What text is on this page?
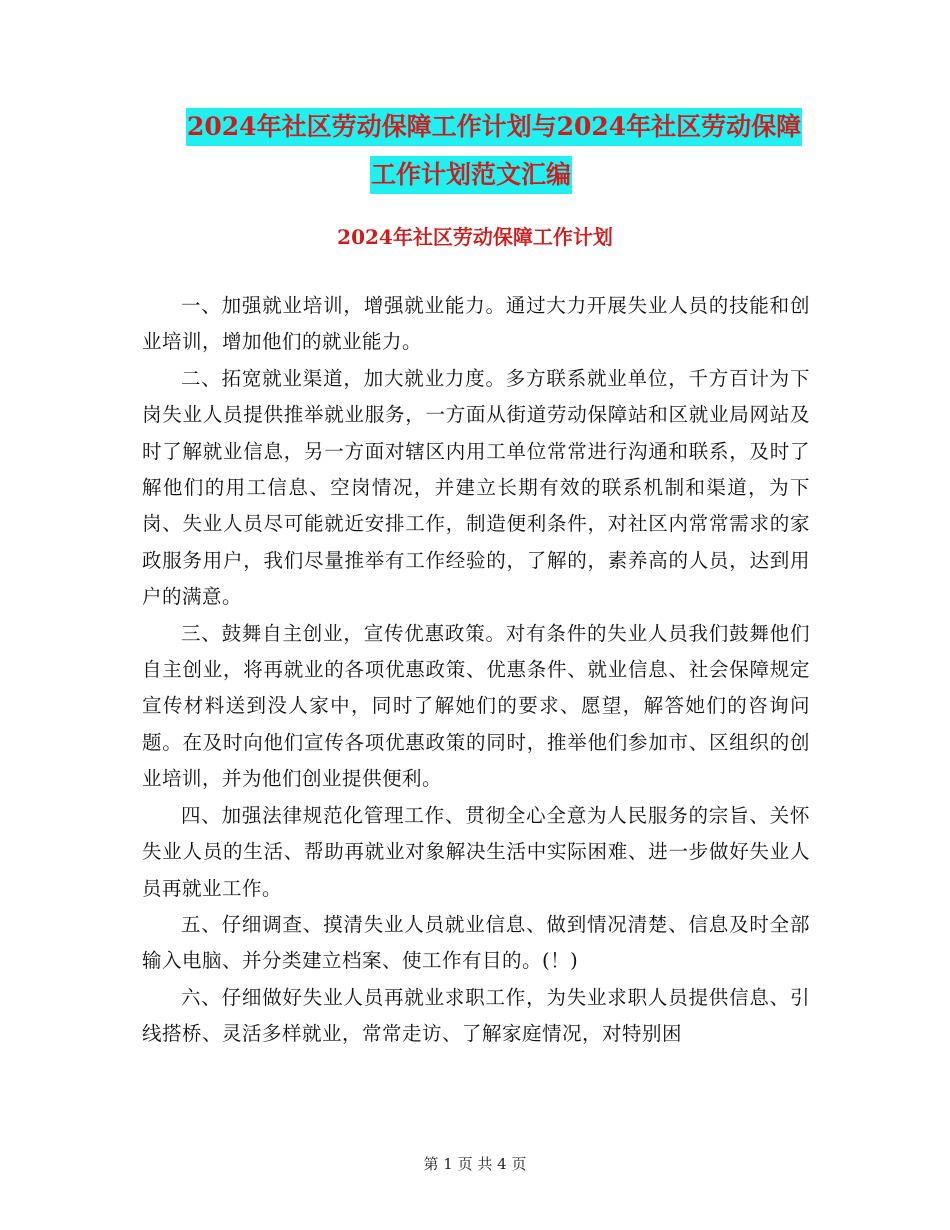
2024年社区劳动保障工作计划与2024年社区劳动保障
工作计划范文汇编
2024年社区劳动保障工作计划

一、加强就业培训，增强就业能力。通过大力开展失业人员的技能和创业培训，增加他们的就业能力。

二、拓宽就业渠道，加大就业力度。多方联系就业单位，千方百计为下岗失业人员提供推举就业服务，一方面从街道劳动保障站和区就业局网站及时了解就业信息，另一方面对辖区内用工单位常常进行沟通和联系，及时了解他们的用工信息、空岗情况，并建立长期有效的联系机制和渠道，为下岗、失业人员尽可能就近安排工作，制造便利条件，对社区内常常需求的家政服务用户，我们尽量推举有工作经验的，了解的，素养高的人员，达到用户的满意。

三、鼓舞自主创业，宣传优惠政策。对有条件的失业人员我们鼓舞他们自主创业，将再就业的各项优惠政策、优惠条件、就业信息、社会保障规定宣传材料送到没人家中，同时了解她们的要求、愿望，解答她们的咨询问题。在及时向他们宣传各项优惠政策的同时，推举他们参加市、区组织的创业培训，并为他们创业提供便利。

四、加强法律规范化管理工作、贯彻全心全意为人民服务的宗旨、关怀失业人员的生活、帮助再就业对象解决生活中实际困难、进一步做好失业人员再就业工作。

五、仔细调查、摸清失业人员就业信息、做到情况清楚、信息及时全部输入电脑、并分类建立档案、使工作有目的。(！)

六、仔细做好失业人员再就业求职工作，为失业求职人员提供信息、引线搭桥、灵活多样就业，常常走访、了解家庭情况，对特别困

第 1 页 共 4 页
